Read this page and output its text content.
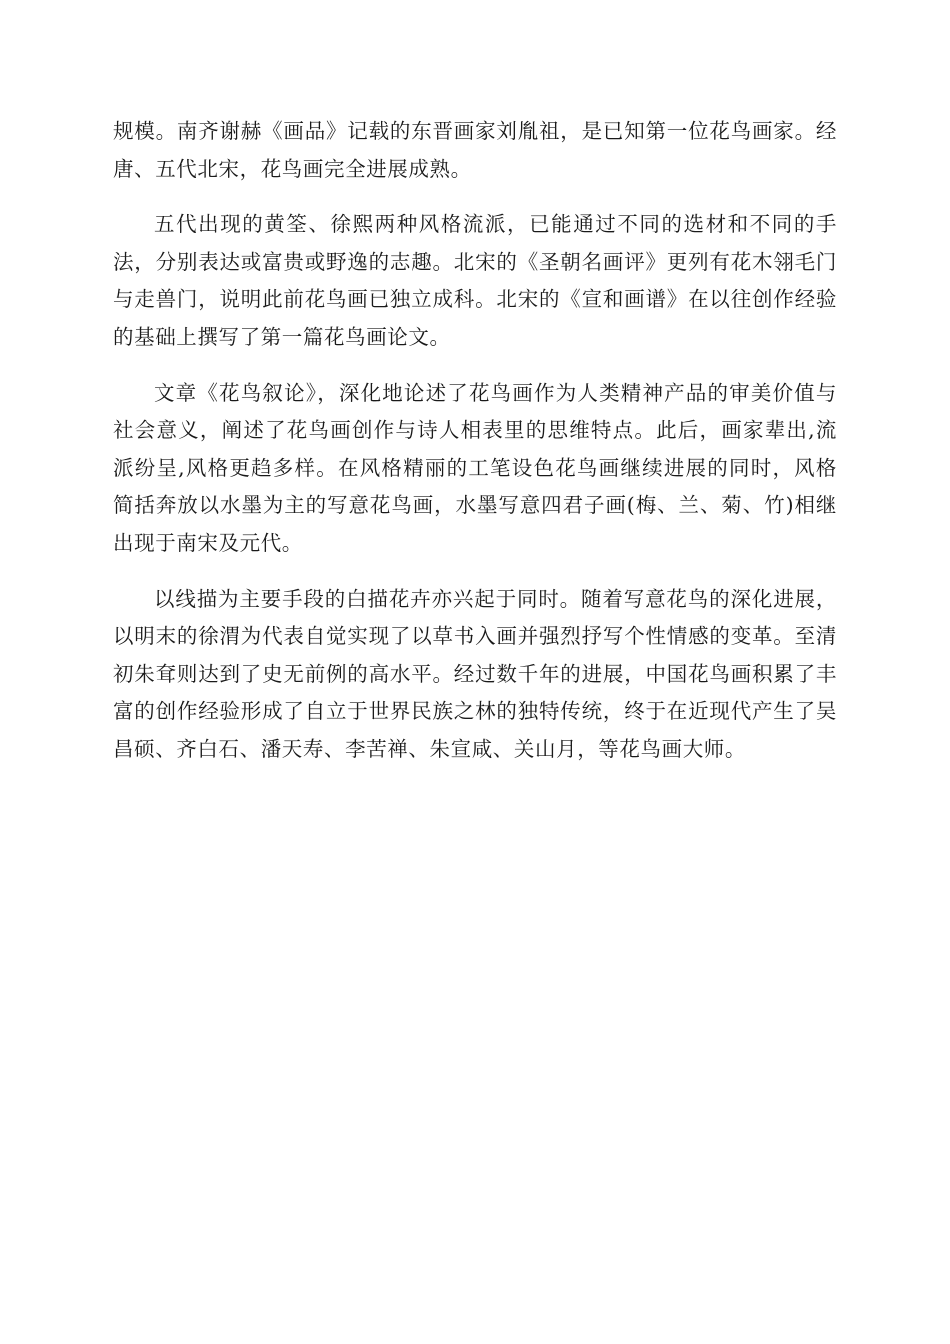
规模。南齐谢赫《画品》记载的东晋画家刘胤祖，是已知第一位花鸟画家。经唐、五代北宋，花鸟画完全进展成熟。

五代出现的黄筌、徐熙两种风格流派，已能通过不同的选材和不同的手法，分别表达或富贵或野逸的志趣。北宋的《圣朝名画评》更列有花木翎毛门与走兽门，说明此前花鸟画已独立成科。北宋的《宣和画谱》在以往创作经验的基础上撰写了第一篇花鸟画论文。

文章《花鸟叙论》，深化地论述了花鸟画作为人类精神产品的审美价值与社会意义，阐述了花鸟画创作与诗人相表里的思维特点。此后，画家辈出,流派纷呈,风格更趋多样。在风格精丽的工笔设色花鸟画继续进展的同时，风格简括奔放以水墨为主的写意花鸟画，水墨写意四君子画(梅、兰、菊、竹)相继出现于南宋及元代。

以线描为主要手段的白描花卉亦兴起于同时。随着写意花鸟的深化进展，以明末的徐渭为代表自觉实现了以草书入画并强烈抒写个性情感的变革。至清初朱耷则达到了史无前例的高水平。经过数千年的进展，中国花鸟画积累了丰富的创作经验形成了自立于世界民族之林的独特传统，终于在近现代产生了吴昌硕、齐白石、潘天寿、李苦禅、朱宣咸、关山月，等花鸟画大师。
